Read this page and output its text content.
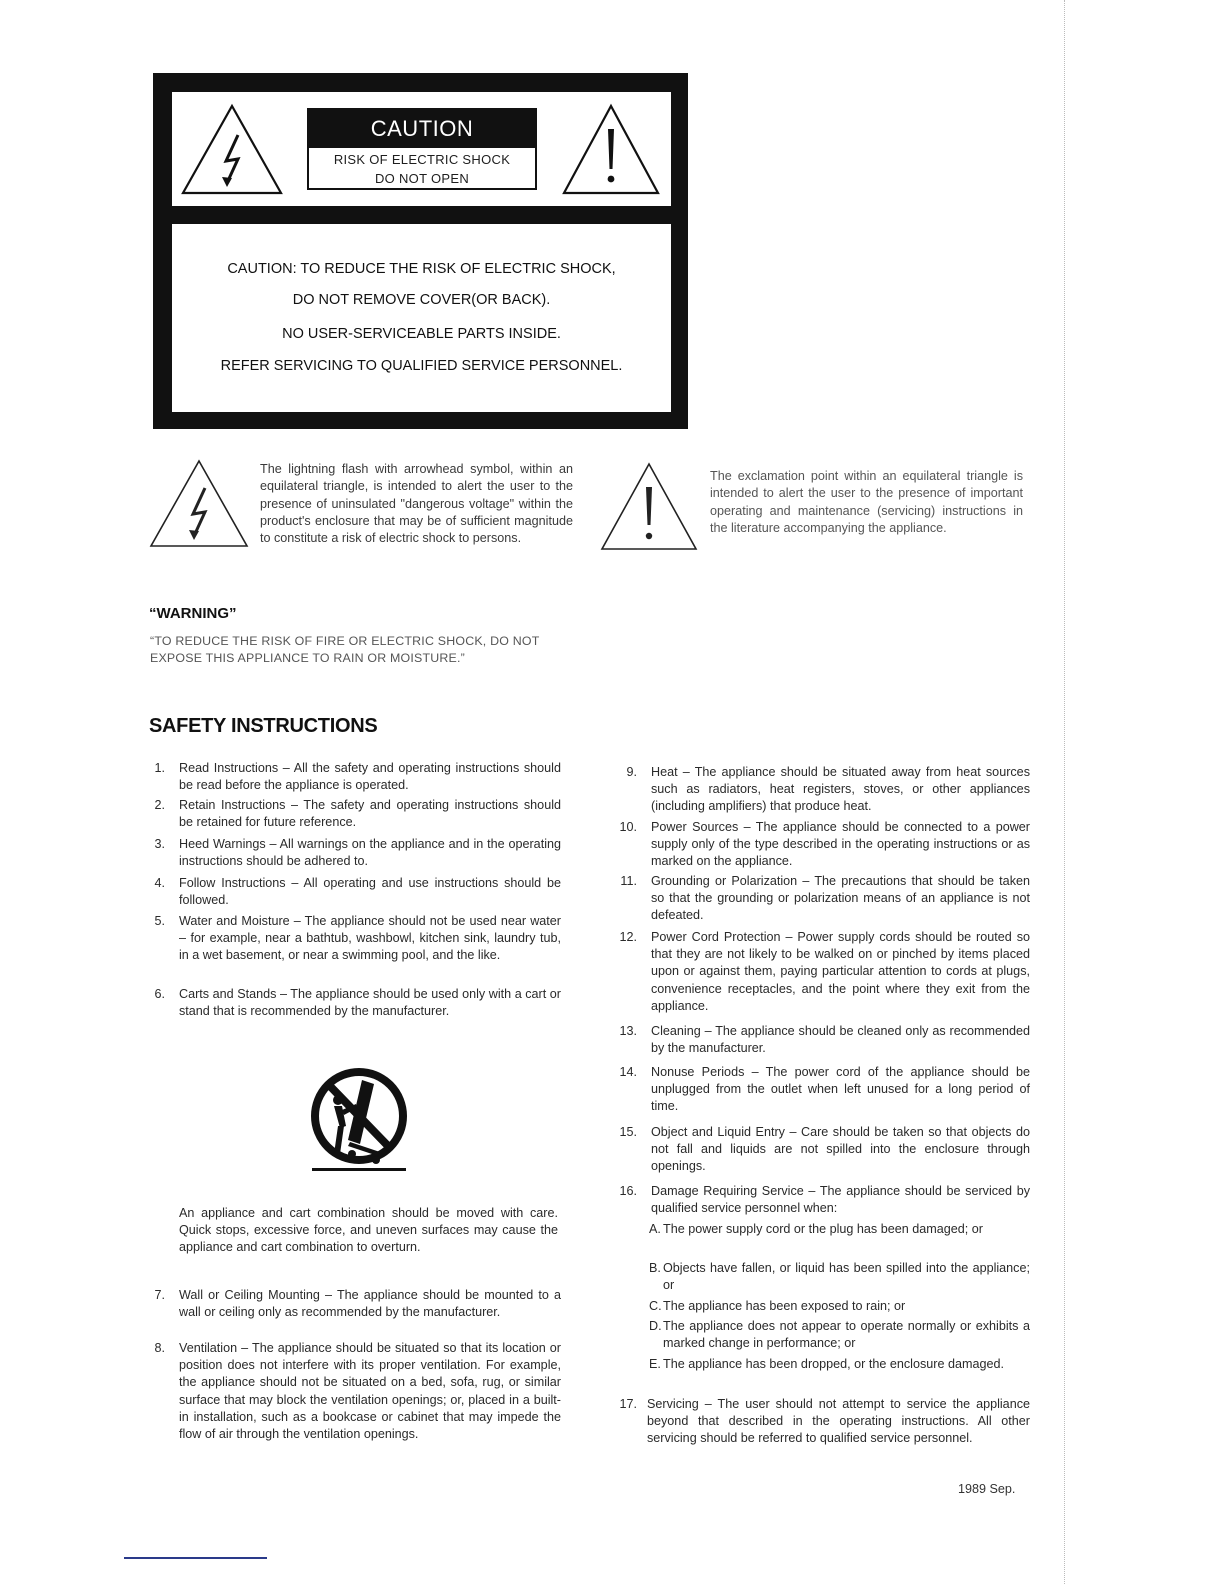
CAUTION
RISK OF ELECTRIC SHOCK
DO NOT OPEN
CAUTION: TO REDUCE THE RISK OF ELECTRIC SHOCK,
DO NOT REMOVE COVER(OR BACK).
NO USER-SERVICEABLE PARTS INSIDE.
REFER SERVICING TO QUALIFIED SERVICE PERSONNEL.
The lightning flash with arrowhead symbol, within an equilateral triangle, is intended to alert the user to the presence of uninsulated "dangerous voltage" within the product's enclosure that may be of sufficient magnitude to constitute a risk of electric shock to persons.
The exclamation point within an equilateral triangle is intended to alert the user to the presence of important operating and maintenance (servicing) instructions in the literature accompanying the appliance.
“WARNING”
“TO REDUCE THE RISK OF FIRE OR ELECTRIC SHOCK, DO NOT EXPOSE THIS APPLIANCE TO RAIN OR MOISTURE.”
SAFETY INSTRUCTIONS
1. Read Instructions – All the safety and operating instructions should be read before the appliance is operated.
2. Retain Instructions – The safety and operating instructions should be retained for future reference.
3. Heed Warnings – All warnings on the appliance and in the operating instructions should be adhered to.
4. Follow Instructions – All operating and use instructions should be followed.
5. Water and Moisture – The appliance should not be used near water – for example, near a bathtub, washbowl, kitchen sink, laundry tub, in a wet basement, or near a swimming pool, and the like.
6. Carts and Stands – The appliance should be used only with a cart or stand that is recommended by the manufacturer.
An appliance and cart combination should be moved with care. Quick stops, excessive force, and uneven surfaces may cause the appliance and cart combination to overturn.
7. Wall or Ceiling Mounting – The appliance should be mounted to a wall or ceiling only as recommended by the manufacturer.
8. Ventilation – The appliance should be situated so that its location or position does not interfere with its proper ventilation. For example, the appliance should not be situated on a bed, sofa, rug, or similar surface that may block the ventilation openings; or, placed in a built-in installation, such as a bookcase or cabinet that may impede the flow of air through the ventilation openings.
9. Heat – The appliance should be situated away from heat sources such as radiators, heat registers, stoves, or other appliances (including amplifiers) that produce heat.
10. Power Sources – The appliance should be connected to a power supply only of the type described in the operating instructions or as marked on the appliance.
11. Grounding or Polarization – The precautions that should be taken so that the grounding or polarization means of an appliance is not defeated.
12. Power Cord Protection – Power supply cords should be routed so that they are not likely to be walked on or pinched by items placed upon or against them, paying particular attention to cords at plugs, convenience receptacles, and the point where they exit from the appliance.
13. Cleaning – The appliance should be cleaned only as recommended by the manufacturer.
14. Nonuse Periods – The power cord of the appliance should be unplugged from the outlet when left unused for a long period of time.
15. Object and Liquid Entry – Care should be taken so that objects do not fall and liquids are not spilled into the enclosure through openings.
16. Damage Requiring Service – The appliance should be serviced by qualified service personnel when:
A. The power supply cord or the plug has been damaged; or
B. Objects have fallen, or liquid has been spilled into the appliance; or
C. The appliance has been exposed to rain; or
D. The appliance does not appear to operate normally or exhibits a marked change in performance; or
E. The appliance has been dropped, or the enclosure damaged.
17. Servicing – The user should not attempt to service the appliance beyond that described in the operating instructions. All other servicing should be referred to qualified service personnel.
1989 Sep.
